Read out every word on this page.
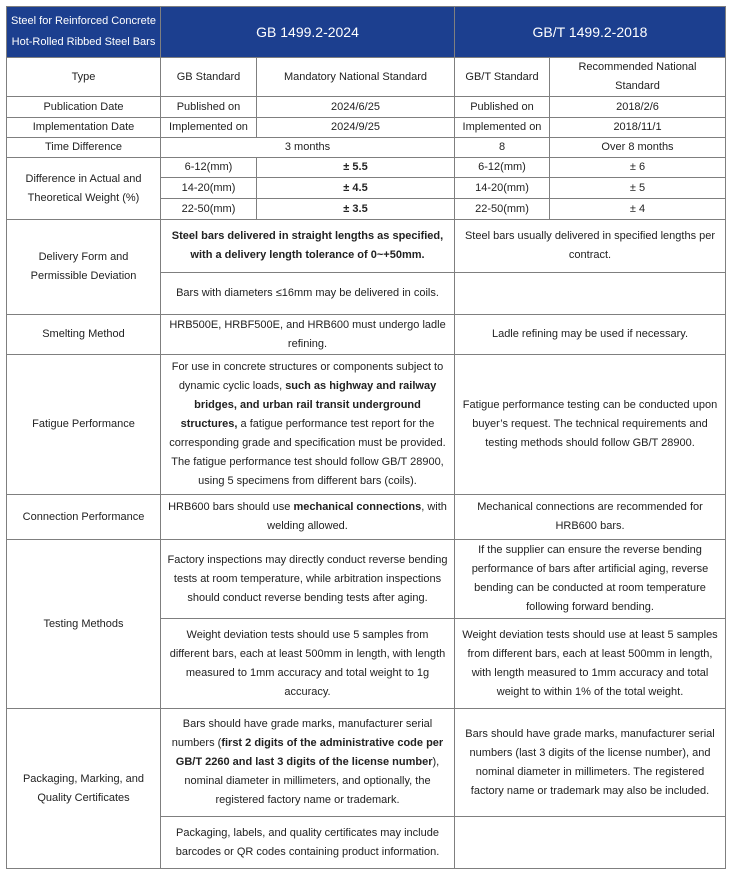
Steel for Reinforced Concrete
Hot-Rolled Ribbed Steel Bars	GB 1499.2-2024		GB/T 1499.2-2018	
Type	GB Standard	Mandatory National Standard	GB/T Standard	Recommended National Standard
Publication Date	Published on	2024/6/25	Published on	2018/2/6
Implementation Date	Implemented on	2024/9/25	Implemented on	2018/11/1
Time Difference	3 months		8	Over 8 months
Difference in Actual and Theoretical Weight (%)	6-12(mm)	± 5.5	6-12(mm)	± 6
	14-20(mm)	± 4.5	14-20(mm)	± 5
	22-50(mm)	± 3.5	22-50(mm)	± 4
Delivery Form and Permissible Deviation	Steel bars delivered in straight lengths as specified, with a delivery length tolerance of 0~+50mm.		Steel bars usually delivered in specified lengths per contract.	
	Bars with diameters ≤16mm may be delivered in coils.			
Smelting Method	HRB500E, HRBF500E, and HRB600 must undergo ladle refining.		Ladle refining may be used if necessary.	
Fatigue Performance	For use in concrete structures or components subject to dynamic cyclic loads, such as highway and railway bridges, and urban rail transit underground structures, a fatigue performance test report for the corresponding grade and specification must be provided. The fatigue performance test should follow GB/T 28900, using 5 specimens from different bars (coils).		Fatigue performance testing can be conducted upon buyer’s request. The technical requirements and testing methods should follow GB/T 28900.	
Connection Performance	HRB600 bars should use mechanical connections, with welding allowed.		Mechanical connections are recommended for HRB600 bars.	
Testing Methods	Factory inspections may directly conduct reverse bending tests at room temperature, while arbitration inspections should conduct reverse bending tests after aging.		If the supplier can ensure the reverse bending performance of bars after artificial aging, reverse bending can be conducted at room temperature following forward bending.	
	Weight deviation tests should use 5 samples from different bars, each at least 500mm in length, with length measured to 1mm accuracy and total weight to 1g accuracy.		Weight deviation tests should use at least 5 samples from different bars, each at least 500mm in length, with length measured to 1mm accuracy and total weight to within 1% of the total weight.	
Packaging, Marking, and Quality Certificates	Bars should have grade marks, manufacturer serial numbers (first 2 digits of the administrative code per GB/T 2260 and last 3 digits of the license number), nominal diameter in millimeters, and optionally, the registered factory name or trademark.		Bars should have grade marks, manufacturer serial numbers (last 3 digits of the license number), and nominal diameter in millimeters. The registered factory name or trademark may also be included.	
	Packaging, labels, and quality certificates may include barcodes or QR codes containing product information.			
